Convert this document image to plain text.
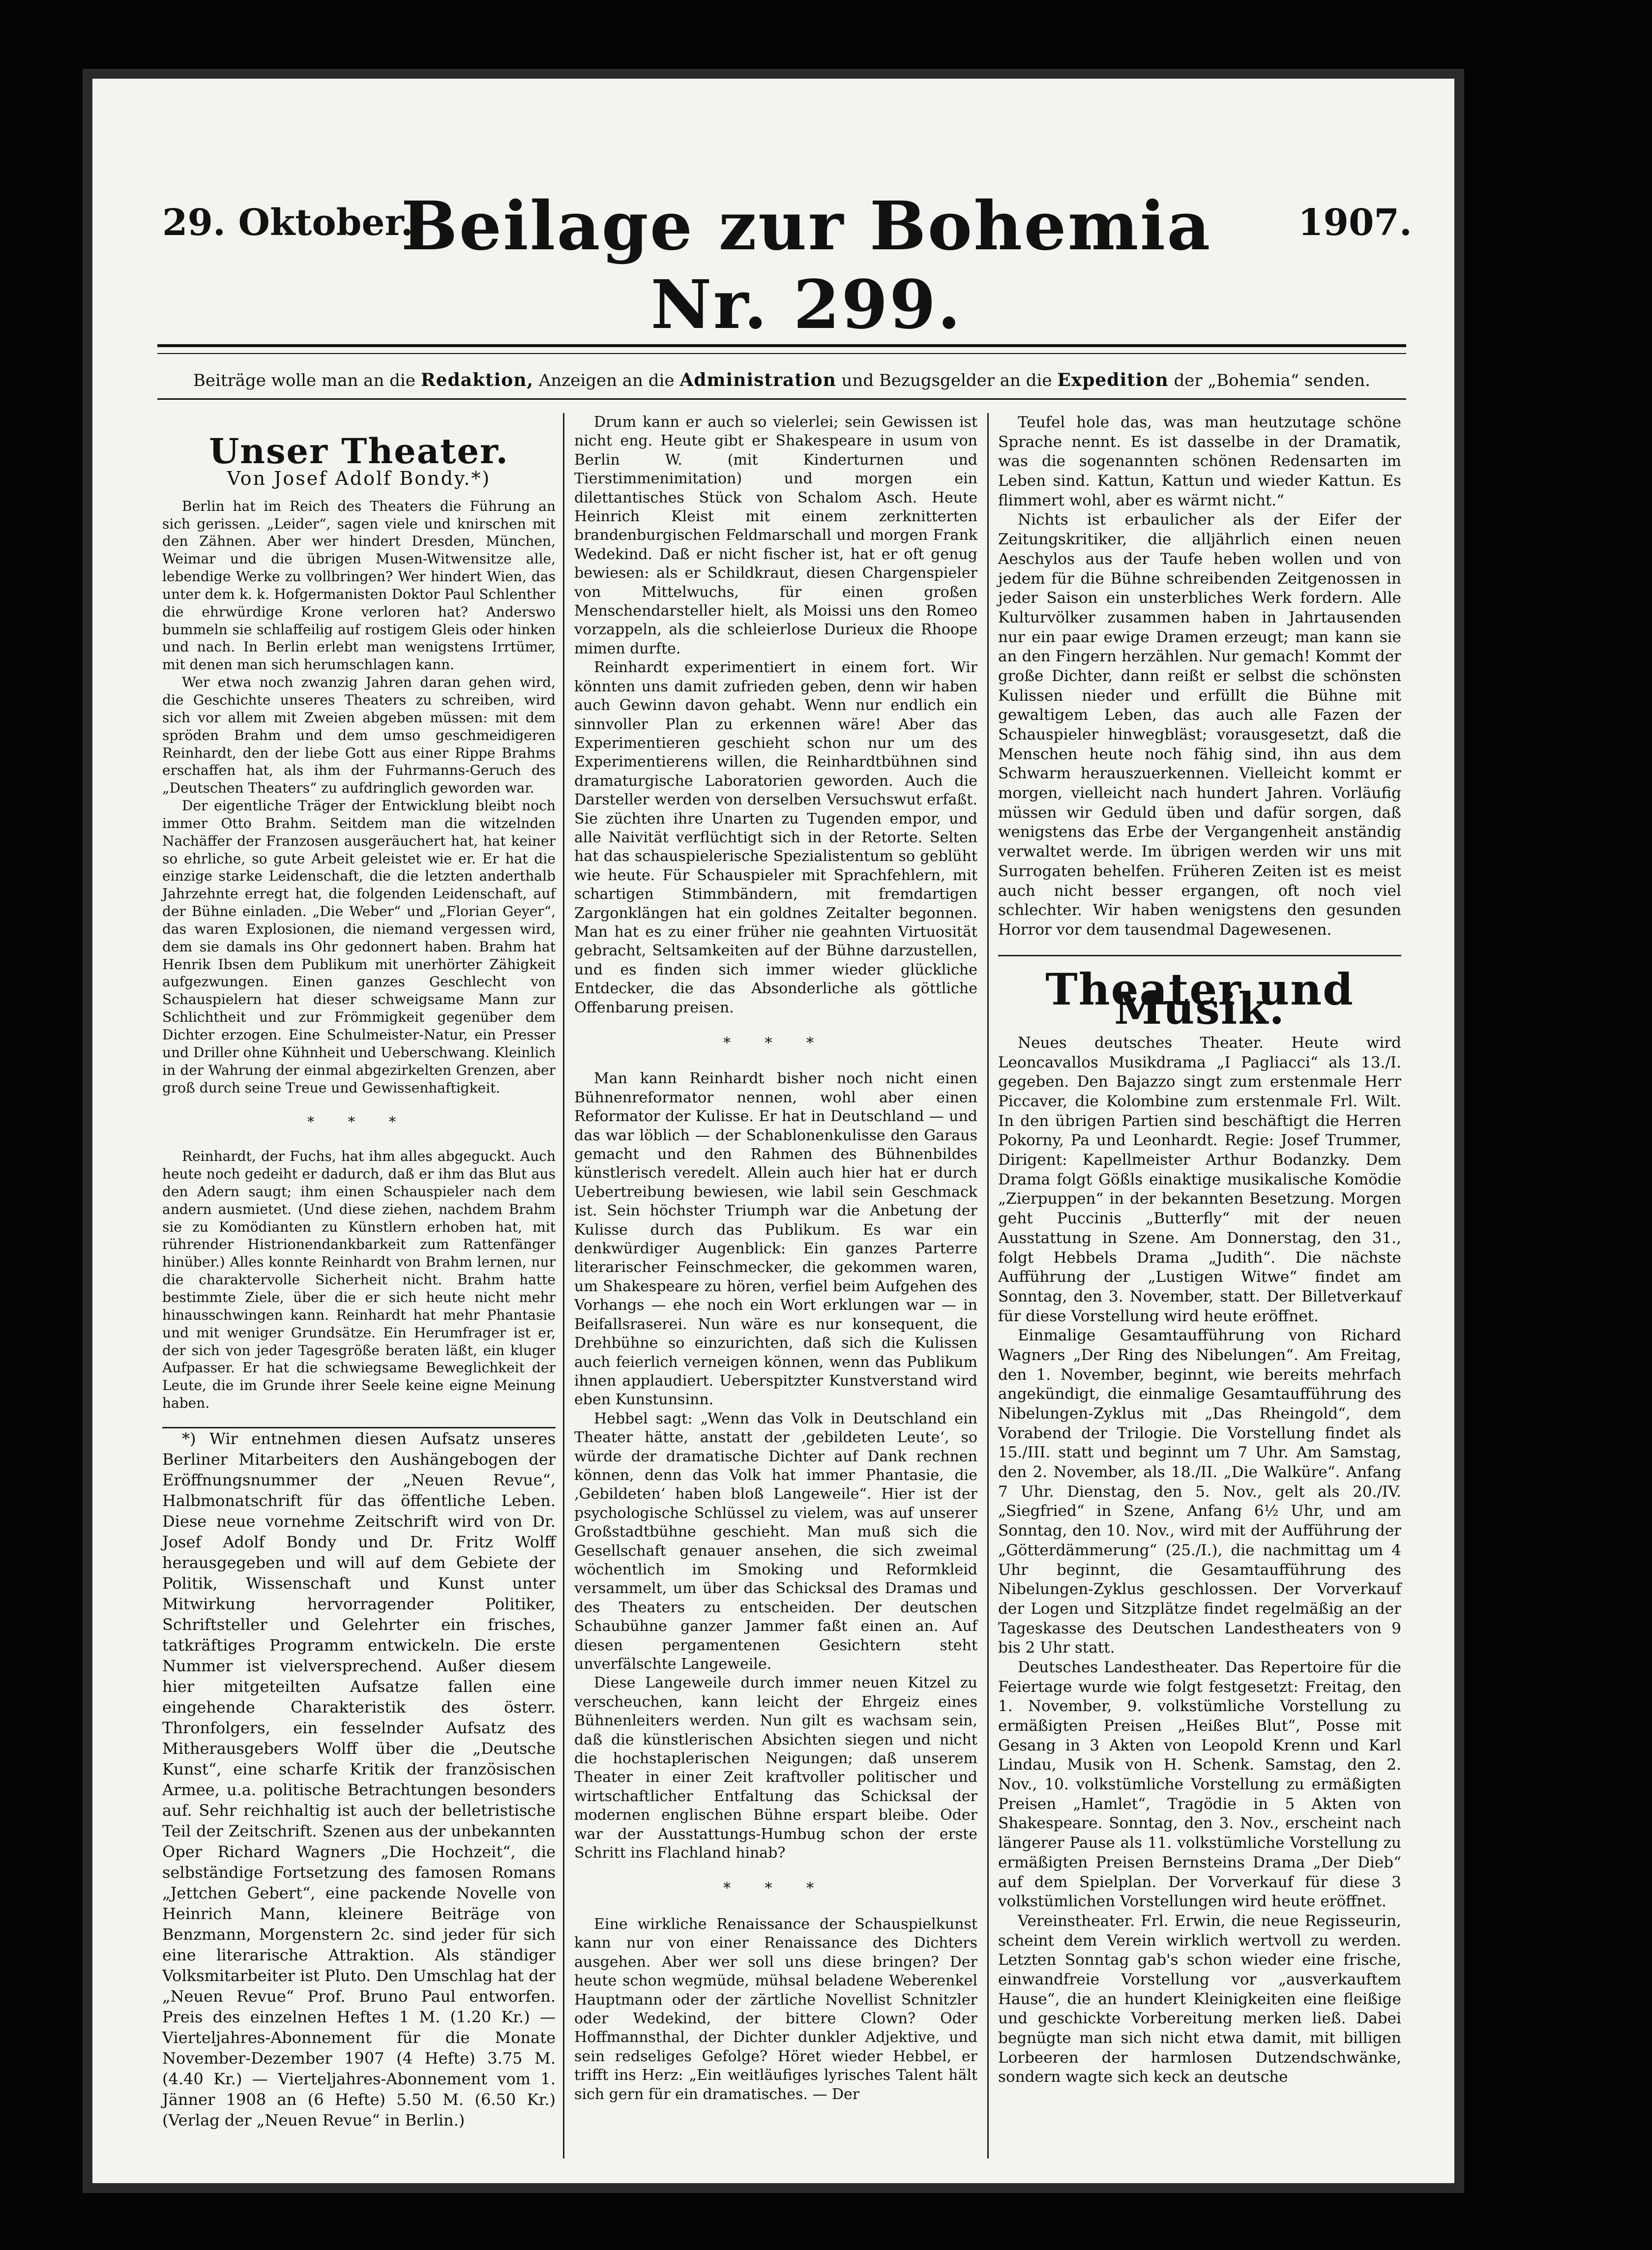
29. Oktober.
Beilage zur Bohemia Nr. 299.
1907.
Beiträge wolle man an die Redaktion, Anzeigen an die Administration und Bezugsgelder an die Expedition der „Bohemia“ senden.
Unser Theater.
Von Josef Adolf Bondy.*)

Berlin hat im Reich des Theaters die Führung an sich gerissen. „Leider“, sagen viele und knirschen mit den Zähnen. Aber wer hindert Dresden, München, Weimar und die übrigen Musen-Witwensitze alle, lebendige Werke zu vollbringen? Wer hindert Wien, das unter dem k. k. Hofgermanisten Doktor Paul Schlenther die ehrwürdige Krone verloren hat? Anderswo bummeln sie schlaffeilig auf rostigem Gleis oder hinken und nach. In Berlin erlebt man wenigstens Irrtümer, mit denen man sich herumschlagen kann.

Wer etwa noch zwanzig Jahren daran gehen wird, die Geschichte unseres Theaters zu schreiben, wird sich vor allem mit Zweien abgeben müssen: mit dem spröden Brahm und dem umso geschmeidigeren Reinhardt, den der liebe Gott aus einer Rippe Brahms erschaffen hat, als ihm der Fuhrmanns-Geruch des „Deutschen Theaters“ zu aufdringlich geworden war.

Der eigentliche Träger der Entwicklung bleibt noch immer Otto Brahm. Seitdem man die witzelnden Nachäffer der Franzosen ausgeräuchert hat, hat keiner so ehrliche, so gute Arbeit geleistet wie er. Er hat die einzige starke Leidenschaft, die die letzten anderthalb Jahrzehnte erregt hat, die folgenden Leidenschaft, auf der Bühne einladen. „Die Weber“ und „Florian Geyer“, das waren Explosionen, die niemand vergessen wird, dem sie damals ins Ohr gedonnert haben. Brahm hat Henrik Ibsen dem Publikum mit unerhörter Zähigkeit aufgezwungen. Einen ganzes Geschlecht von Schauspielern hat dieser schweigsame Mann zur Schlichtheit und zur Frömmigkeit gegenüber dem Dichter erzogen. Eine Schulmeister-Natur, ein Presser und Driller ohne Kühnheit und Ueberschwang. Kleinlich in der Wahrung der einmal abgezirkelten Grenzen, aber groß durch seine Treue und Gewissenhaftigkeit.

* * *

Reinhardt, der Fuchs, hat ihm alles abgeguckt. Auch heute noch gedeiht er dadurch, daß er ihm das Blut aus den Adern saugt; ihm einen Schauspieler nach dem andern ausmietet. (Und diese ziehen, nachdem Brahm sie zu Komödianten zu Künstlern erhoben hat, mit rührender Histrionendankbarkeit zum Rattenfänger hinüber.) Alles konnte Reinhardt von Brahm lernen, nur die charaktervolle Sicherheit nicht. Brahm hatte bestimmte Ziele, über die er sich heute nicht mehr hinausschwingen kann. Reinhardt hat mehr Phantasie und mit weniger Grundsätze. Ein Herumfrager ist er, der sich von jeder Tagesgröße beraten läßt, ein kluger Aufpasser. Er hat die schwiegsame Beweglichkeit der Leute, die im Grunde ihrer Seele keine eigne Meinung haben.

*) Wir entnehmen diesen Aufsatz unseres Berliner Mitarbeiters den Aushängebogen der Eröffnungsnummer der „Neuen Revue“, Halbmonatschrift für das öffentliche Leben. Diese neue vornehme Zeitschrift wird von Dr. Josef Adolf Bondy und Dr. Fritz Wolff herausgegeben und will auf dem Gebiete der Politik, Wissenschaft und Kunst unter Mitwirkung hervorragender Politiker, Schriftsteller und Gelehrter ein frisches, tatkräftiges Programm entwickeln. Die erste Nummer ist vielversprechend. Außer diesem hier mitgeteilten Aufsatze fallen eine eingehende Charakteristik des österr. Thronfolgers, ein fesselnder Aufsatz des Mitherausgebers Wolff über die „Deutsche Kunst“, eine scharfe Kritik der französischen Armee, u.a. politische Betrachtungen besonders auf. Sehr reichhaltig ist auch der belletristische Teil der Zeitschrift. Szenen aus der unbekannten Oper Richard Wagners „Die Hochzeit“, die selbständige Fortsetzung des famosen Romans „Jettchen Gebert“, eine packende Novelle von Heinrich Mann, kleinere Beiträge von Benzmann, Morgenstern 2c. sind jeder für sich eine literarische Attraktion. Als ständiger Volksmitarbeiter ist Pluto. Den Umschlag hat der „Neuen Revue“ Prof. Bruno Paul entworfen. Preis des einzelnen Heftes 1 M. (1.20 Kr.) — Vierteljahres-Abonnement für die Monate November-Dezember 1907 (4 Hefte) 3.75 M. (4.40 Kr.) — Vierteljahres-Abonnement vom 1. Jänner 1908 an (6 Hefte) 5.50 M. (6.50 Kr.) (Verlag der „Neuen Revue“ in Berlin.)

Drum kann er auch so vielerlei; sein Gewissen ist nicht eng. Heute gibt er Shakespeare in usum von Berlin W. (mit Kinderturnen und Tierstimmenimitation) und morgen ein dilettantisches Stück von Schalom Asch. Heute Heinrich Kleist mit einem zerknitterten brandenburgischen Feldmarschall und morgen Frank Wedekind. Daß er nicht fischer ist, hat er oft genug bewiesen: als er Schildkraut, diesen Chargenspieler von Mittelwuchs, für einen großen Menschendarsteller hielt, als Moissi uns den Romeo vorzappeln, als die schleierlose Durieux die Rhoope mimen durfte.

Reinhardt experimentiert in einem fort. Wir könnten uns damit zufrieden geben, denn wir haben auch Gewinn davon gehabt. Wenn nur endlich ein sinnvoller Plan zu erkennen wäre! Aber das Experimentieren geschieht schon nur um des Experimentierens willen, die Reinhardtbühnen sind dramaturgische Laboratorien geworden. Auch die Darsteller werden von derselben Versuchswut erfaßt. Sie züchten ihre Unarten zu Tugenden empor, und alle Naivität verflüchtigt sich in der Retorte. Selten hat das schauspielerische Spezialistentum so geblüht wie heute. Für Schauspieler mit Sprachfehlern, mit schartigen Stimmbändern, mit fremdartigen Zargonklängen hat ein goldnes Zeitalter begonnen. Man hat es zu einer früher nie geahnten Virtuosität gebracht, Seltsamkeiten auf der Bühne darzustellen, und es finden sich immer wieder glückliche Entdecker, die das Absonderliche als göttliche Offenbarung preisen.

* * *

Man kann Reinhardt bisher noch nicht einen Bühnenreformator nennen, wohl aber einen Reformator der Kulisse. Er hat in Deutschland — und das war löblich — der Schablonenkulisse den Garaus gemacht und den Rahmen des Bühnenbildes künstlerisch veredelt. Allein auch hier hat er durch Uebertreibung bewiesen, wie labil sein Geschmack ist. Sein höchster Triumph war die Anbetung der Kulisse durch das Publikum. Es war ein denkwürdiger Augenblick: Ein ganzes Parterre literarischer Feinschmecker, die gekommen waren, um Shakespeare zu hören, verfiel beim Aufgehen des Vorhangs — ehe noch ein Wort erklungen war — in Beifallsraserei. Nun wäre es nur konsequent, die Drehbühne so einzurichten, daß sich die Kulissen auch feierlich verneigen können, wenn das Publikum ihnen applaudiert. Ueberspitzter Kunstverstand wird eben Kunstunsinn.

Hebbel sagt: „Wenn das Volk in Deutschland ein Theater hätte, anstatt der ‚gebildeten Leute‘, so würde der dramatische Dichter auf Dank rechnen können, denn das Volk hat immer Phantasie, die ‚Gebildeten‘ haben bloß Langeweile“. Hier ist der psychologische Schlüssel zu vielem, was auf unserer Großstadtbühne geschieht. Man muß sich die Gesellschaft genauer ansehen, die sich zweimal wöchentlich im Smoking und Reformkleid versammelt, um über das Schicksal des Dramas und des Theaters zu entscheiden. Der deutschen Schaubühne ganzer Jammer faßt einen an. Auf diesen pergamentenen Gesichtern steht unverfälschte Langeweile.

Diese Langeweile durch immer neuen Kitzel zu verscheuchen, kann leicht der Ehrgeiz eines Bühnenleiters werden. Nun gilt es wachsam sein, daß die künstlerischen Absichten siegen und nicht die hochstaplerischen Neigungen; daß unserem Theater in einer Zeit kraftvoller politischer und wirtschaftlicher Entfaltung das Schicksal der modernen englischen Bühne erspart bleibe. Oder war der Ausstattungs-Humbug schon der erste Schritt ins Flachland hinab?

* * *

Eine wirkliche Renaissance der Schauspielkunst kann nur von einer Renaissance des Dichters ausgehen. Aber wer soll uns diese bringen? Der heute schon wegmüde, mühsal beladene Weberenkel Hauptmann oder der zärtliche Novellist Schnitzler oder Wedekind, der bittere Clown? Oder Hoffmannsthal, der Dichter dunkler Adjektive, und sein redseliges Gefolge? Höret wieder Hebbel, er trifft ins Herz: „Ein weitläufiges lyrisches Talent hält sich gern für ein dramatisches. — Der

Teufel hole das, was man heutzutage schöne Sprache nennt. Es ist dasselbe in der Dramatik, was die sogenannten schönen Redensarten im Leben sind. Kattun, Kattun und wieder Kattun. Es flimmert wohl, aber es wärmt nicht.“

Nichts ist erbaulicher als der Eifer der Zeitungskritiker, die alljährlich einen neuen Aeschylos aus der Taufe heben wollen und von jedem für die Bühne schreibenden Zeitgenossen in jeder Saison ein unsterbliches Werk fordern. Alle Kulturvölker zusammen haben in Jahrtausenden nur ein paar ewige Dramen erzeugt; man kann sie an den Fingern herzählen. Nur gemach! Kommt der große Dichter, dann reißt er selbst die schönsten Kulissen nieder und erfüllt die Bühne mit gewaltigem Leben, das auch alle Fazen der Schauspieler hinwegbläst; vorausgesetzt, daß die Menschen heute noch fähig sind, ihn aus dem Schwarm herauszuerkennen. Vielleicht kommt er morgen, vielleicht nach hundert Jahren. Vorläufig müssen wir Geduld üben und dafür sorgen, daß wenigstens das Erbe der Vergangenheit anständig verwaltet werde. Im übrigen werden wir uns mit Surrogaten behelfen. Früheren Zeiten ist es meist auch nicht besser ergangen, oft noch viel schlechter. Wir haben wenigstens den gesunden Horror vor dem tausendmal Dagewesenen.

Theater und Musik.

Neues deutsches Theater. Heute wird Leoncavallos Musikdrama „I Pagliacci“ als 13./I. gegeben. Den Bajazzo singt zum erstenmale Herr Piccaver, die Kolombine zum erstenmale Frl. Wilt. In den übrigen Partien sind beschäftigt die Herren Pokorny, Pa und Leonhardt. Regie: Josef Trummer, Dirigent: Kapellmeister Arthur Bodanzky. Dem Drama folgt Gößls einaktige musikalische Komödie „Zierpuppen“ in der bekannten Besetzung. Morgen geht Puccinis „Butterfly“ mit der neuen Ausstattung in Szene. Am Donnerstag, den 31., folgt Hebbels Drama „Judith“. Die nächste Aufführung der „Lustigen Witwe“ findet am Sonntag, den 3. November, statt. Der Billetverkauf für diese Vorstellung wird heute eröffnet.

Einmalige Gesamtaufführung von Richard Wagners „Der Ring des Nibelungen“. Am Freitag, den 1. November, beginnt, wie bereits mehrfach angekündigt, die einmalige Gesamtaufführung des Nibelungen-Zyklus mit „Das Rheingold“, dem Vorabend der Trilogie. Die Vorstellung findet als 15./III. statt und beginnt um 7 Uhr. Am Samstag, den 2. November, als 18./II. „Die Walküre“. Anfang 7 Uhr. Dienstag, den 5. Nov., gelt als 20./IV. „Siegfried“ in Szene, Anfang 6½ Uhr, und am Sonntag, den 10. Nov., wird mit der Aufführung der „Götterdämmerung“ (25./I.), die nachmittag um 4 Uhr beginnt, die Gesamtaufführung des Nibelungen-Zyklus geschlossen. Der Vorverkauf der Logen und Sitzplätze findet regelmäßig an der Tageskasse des Deutschen Landestheaters von 9 bis 2 Uhr statt.

Deutsches Landestheater. Das Repertoire für die Feiertage wurde wie folgt festgesetzt: Freitag, den 1. November, 9. volkstümliche Vorstellung zu ermäßigten Preisen „Heißes Blut“, Posse mit Gesang in 3 Akten von Leopold Krenn und Karl Lindau, Musik von H. Schenk. Samstag, den 2. Nov., 10. volkstümliche Vorstellung zu ermäßigten Preisen „Hamlet“, Tragödie in 5 Akten von Shakespeare. Sonntag, den 3. Nov., erscheint nach längerer Pause als 11. volkstümliche Vorstellung zu ermäßigten Preisen Bernsteins Drama „Der Dieb“ auf dem Spielplan. Der Vorverkauf für diese 3 volkstümlichen Vorstellungen wird heute eröffnet.

Vereinstheater. Frl. Erwin, die neue Regisseurin, scheint dem Verein wirklich wertvoll zu werden. Letzten Sonntag gab's schon wieder eine frische, einwandfreie Vorstellung vor „ausverkauftem Hause“, die an hundert Kleinigkeiten eine fleißige und geschickte Vorbereitung merken ließ. Dabei begnügte man sich nicht etwa damit, mit billigen Lorbeeren der harmlosen Dutzendschwänke, sondern wagte sich keck an deutsche
